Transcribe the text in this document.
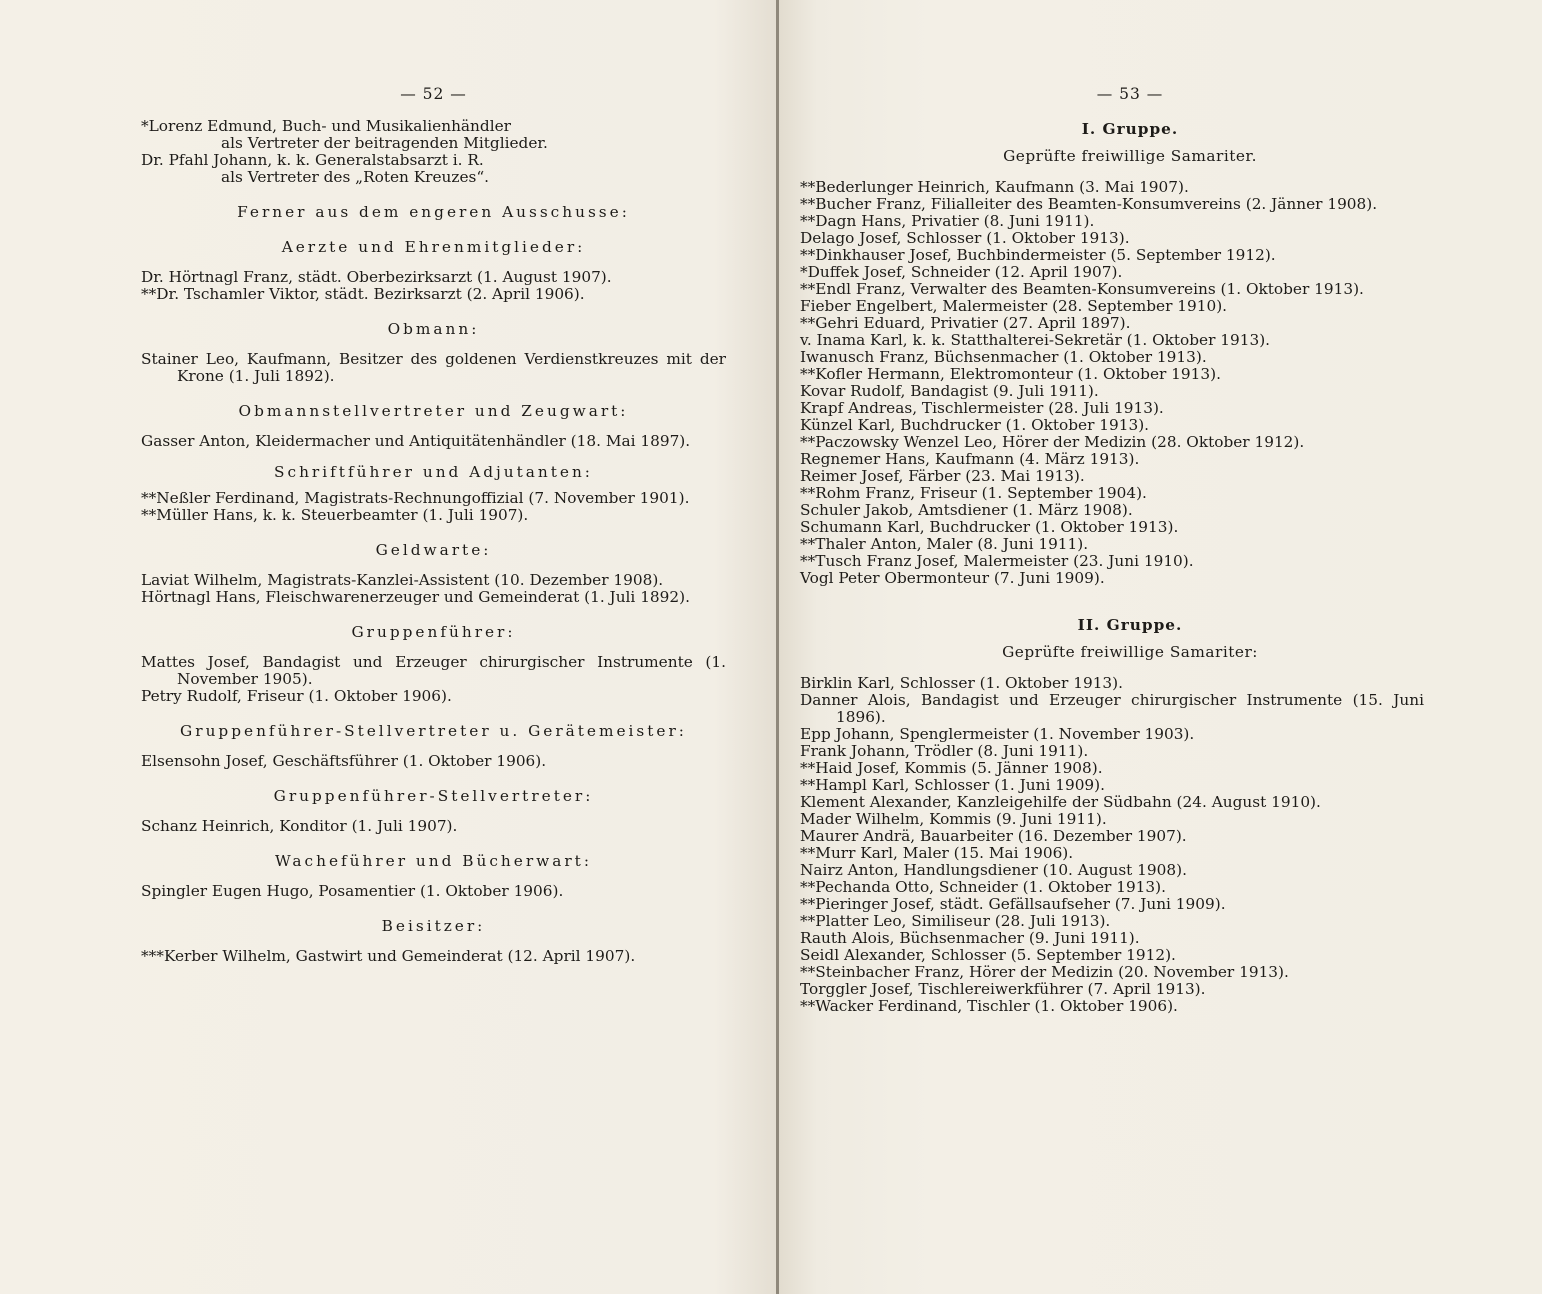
— 52 —
*Lorenz Edmund, Buch- und Musikalienhändler
als Vertreter der beitragenden Mitglieder.
Dr. Pfahl Johann, k. k. Generalstabsarzt i. R.
als Vertreter des „Roten Kreuzes“.
Ferner aus dem engeren Ausschusse:
Aerzte und Ehrenmitglieder:
Dr. Hörtnagl Franz, städt. Oberbezirksarzt (1. August 1907).
**Dr. Tschamler Viktor, städt. Bezirksarzt (2. April 1906).
Obmann:
Stainer Leo, Kaufmann, Besitzer des goldenen Verdienstkreuzes mit der Krone (1. Juli 1892).
Obmannstellvertreter und Zeugwart:
Gasser Anton, Kleidermacher und Antiquitätenhändler (18. Mai 1897).
Schriftführer und Adjutanten:
**Neßler Ferdinand, Magistrats-Rechnungoffizial (7. November 1901).
**Müller Hans, k. k. Steuerbeamter (1. Juli 1907).
Geldwarte:
Laviat Wilhelm, Magistrats-Kanzlei-Assistent (10. Dezember 1908).
Hörtnagl Hans, Fleischwarenerzeuger und Gemeinderat (1. Juli 1892).
Gruppenführer:
Mattes Josef, Bandagist und Erzeuger chirurgischer Instrumente (1. November 1905).
Petry Rudolf, Friseur (1. Oktober 1906).
Gruppenführer-Stellvertreter u. Gerätemeister:
Elsensohn Josef, Geschäftsführer (1. Oktober 1906).
Gruppenführer-Stellvertreter:
Schanz Heinrich, Konditor (1. Juli 1907).
Wacheführer und Bücherwart:
Spingler Eugen Hugo, Posamentier (1. Oktober 1906).
Beisitzer:
***Kerber Wilhelm, Gastwirt und Gemeinderat (12. April 1907).
— 53 —
I. Gruppe.
Geprüfte freiwillige Samariter.
**Bederlunger Heinrich, Kaufmann (3. Mai 1907).
**Bucher Franz, Filialleiter des Beamten-Konsumvereins (2. Jänner 1908).
**Dagn Hans, Privatier (8. Juni 1911).
Delago Josef, Schlosser (1. Oktober 1913).
**Dinkhauser Josef, Buchbindermeister (5. September 1912).
*Duffek Josef, Schneider (12. April 1907).
**Endl Franz, Verwalter des Beamten-Konsumvereins (1. Oktober 1913).
Fieber Engelbert, Malermeister (28. September 1910).
**Gehri Eduard, Privatier (27. April 1897).
v. Inama Karl, k. k. Statthalterei-Sekretär (1. Oktober 1913).
Iwanusch Franz, Büchsenmacher (1. Oktober 1913).
**Kofler Hermann, Elektromonteur (1. Oktober 1913).
Kovar Rudolf, Bandagist (9. Juli 1911).
Krapf Andreas, Tischlermeister (28. Juli 1913).
Künzel Karl, Buchdrucker (1. Oktober 1913).
**Paczowsky Wenzel Leo, Hörer der Medizin (28. Oktober 1912).
Regnemer Hans, Kaufmann (4. März 1913).
Reimer Josef, Färber (23. Mai 1913).
**Rohm Franz, Friseur (1. September 1904).
Schuler Jakob, Amtsdiener (1. März 1908).
Schumann Karl, Buchdrucker (1. Oktober 1913).
**Thaler Anton, Maler (8. Juni 1911).
**Tusch Franz Josef, Malermeister (23. Juni 1910).
Vogl Peter Obermonteur (7. Juni 1909).
II. Gruppe.
Geprüfte freiwillige Samariter:
Birklin Karl, Schlosser (1. Oktober 1913).
Danner Alois, Bandagist und Erzeuger chirurgischer Instrumente (15. Juni 1896).
Epp Johann, Spenglermeister (1. November 1903).
Frank Johann, Trödler (8. Juni 1911).
**Haid Josef, Kommis (5. Jänner 1908).
**Hampl Karl, Schlosser (1. Juni 1909).
Klement Alexander, Kanzleigehilfe der Südbahn (24. August 1910).
Mader Wilhelm, Kommis (9. Juni 1911).
Maurer Andrä, Bauarbeiter (16. Dezember 1907).
**Murr Karl, Maler (15. Mai 1906).
Nairz Anton, Handlungsdiener (10. August 1908).
**Pechanda Otto, Schneider (1. Oktober 1913).
**Pieringer Josef, städt. Gefällsaufseher (7. Juni 1909).
**Platter Leo, Similiseur (28. Juli 1913).
Rauth Alois, Büchsenmacher (9. Juni 1911).
Seidl Alexander, Schlosser (5. September 1912).
**Steinbacher Franz, Hörer der Medizin (20. November 1913).
Torggler Josef, Tischlereiwerkführer (7. April 1913).
**Wacker Ferdinand, Tischler (1. Oktober 1906).
